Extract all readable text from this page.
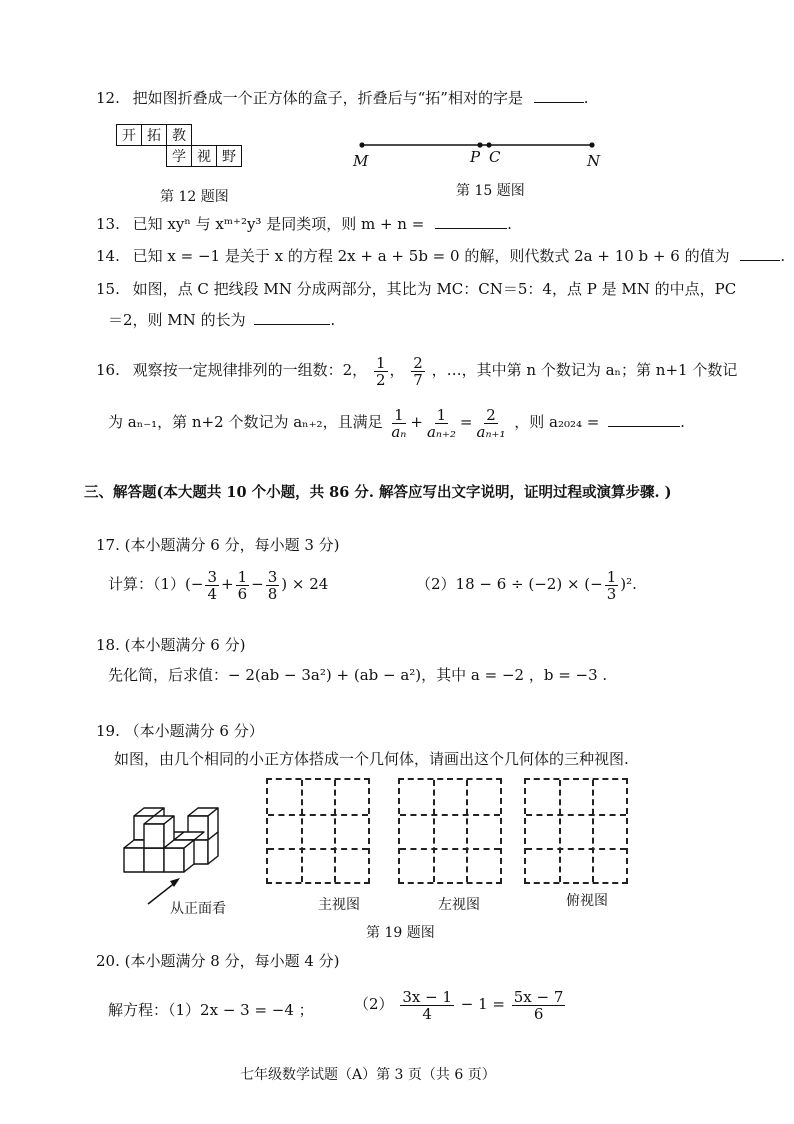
12. 把如图折叠成一个正方体的盒子，折叠后与“拓”相对的字是	.
开	拓	教		
		学	视	野
第 12 题图
M	P C	N
第 15 题图
13. 已知 xyⁿ 与 xᵐ⁺²y³ 是同类项，则 m + n =	.
14. 已知 x = −1 是关于 x 的方程 2x + a + 5b = 0 的解，则代数式 2a + 10 b + 6 的值为	.
15. 如图，点 C 把线段 MN 分成两部分，其比为 MC：CN＝5：4，点 P 是 MN 的中点，PC
＝2，则 MN 的长为	.
16. 观察按一定规律排列的一组数：2， $\frac{1}{2}$ ， $\frac{2}{7}$ ，…，其中第 n 个数记为 aₙ；第 n+1 个数记
为 aₙ₋₁，第 n+2 个数记为 aₙ₊₂，且满足 $\frac{1}{\text{aₙ}} + \frac{1}{\text{aₙ₊₂}} = \frac{2}{\text{aₙ₊₁}}$ ，则 a₂₀₂₄ =	.
三、解答题(本大题共 10 个小题，共 86 分. 解答应写出文字说明，证明过程或演算步骤. )
17. (本小题满分 6 分，每小题 3 分)
计算：$(1)(- \frac{3}{4} + \frac{1}{6} - \frac{3}{8}$ ) × 24	（2）18 − 6 ÷ (−2) × (− $\frac{1}{3} )^2$.
18. (本小题满分 6 分)
先化简，后求值：− 2(ab − 3a²) + (ab − a²)，其中 a = −2 ，b = −3 .
19. （本小题满分 6 分）
如图，由几个相同的小正方体搭成一个几何体，请画出这个几何体的三种视图.
从正面看	主视图	左视图	俯视图
第 19 题图
20. (本小题满分 8 分，每小题 4 分)
解方程：（1）2x − 3 = −4 ；	$(2) \frac{3x - 1}{4} - 1 = \frac{5x - 7}{6}$
七年级数学试题（A）第 3 页（共 6 页）
